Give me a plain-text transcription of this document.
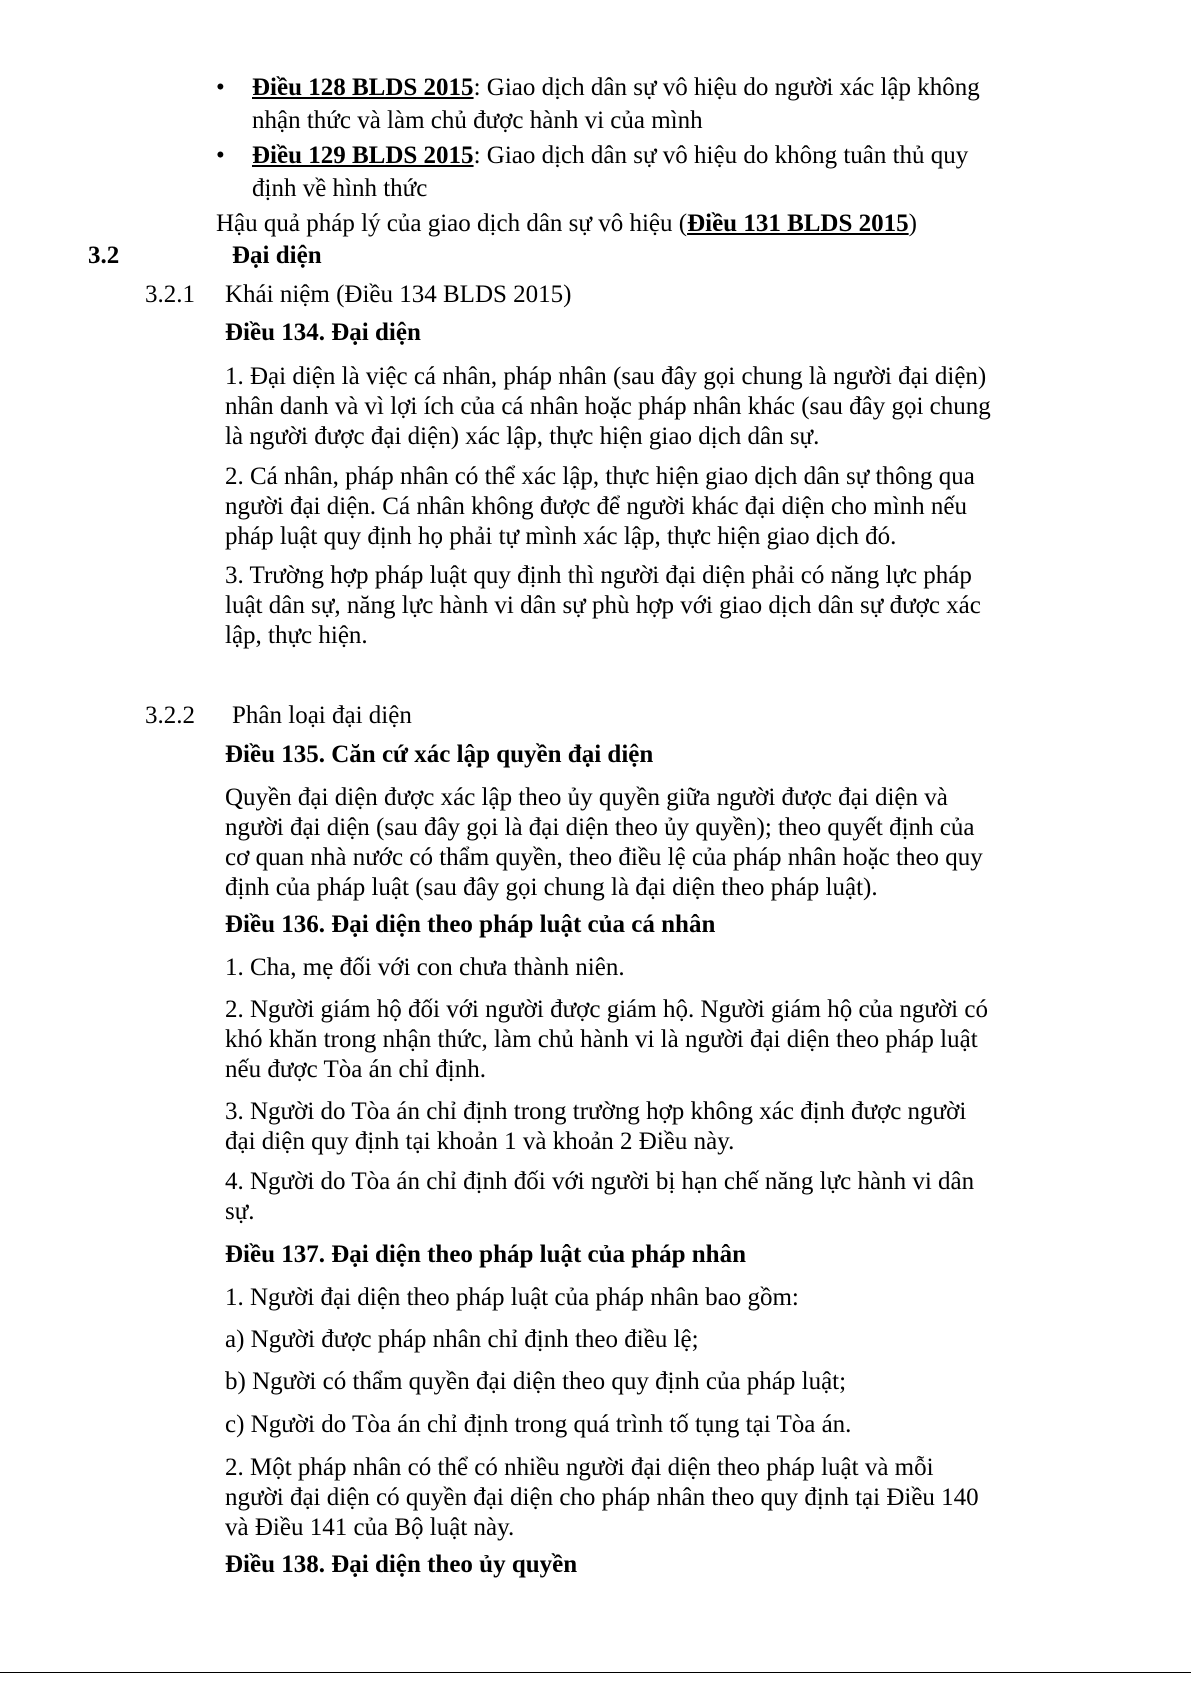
• Điều 128 BLDS 2015: Giao dịch dân sự vô hiệu do người xác lập không
nhận thức và làm chủ được hành vi của mình
• Điều 129 BLDS 2015: Giao dịch dân sự vô hiệu do không tuân thủ quy
định về hình thức
Hậu quả pháp lý của giao dịch dân sự vô hiệu (Điều 131 BLDS 2015)
3.2	Đại diện
3.2.1 Khái niệm (Điều 134 BLDS 2015)
Điều 134. Đại diện
1. Đại diện là việc cá nhân, pháp nhân (sau đây gọi chung là người đại diện)
nhân danh và vì lợi ích của cá nhân hoặc pháp nhân khác (sau đây gọi chung
là người được đại diện) xác lập, thực hiện giao dịch dân sự.
2. Cá nhân, pháp nhân có thể xác lập, thực hiện giao dịch dân sự thông qua
người đại diện. Cá nhân không được để người khác đại diện cho mình nếu
pháp luật quy định họ phải tự mình xác lập, thực hiện giao dịch đó.
3. Trường hợp pháp luật quy định thì người đại diện phải có năng lực pháp
luật dân sự, năng lực hành vi dân sự phù hợp với giao dịch dân sự được xác
lập, thực hiện.
3.2.2 Phân loại đại diện
Điều 135. Căn cứ xác lập quyền đại diện
Quyền đại diện được xác lập theo ủy quyền giữa người được đại diện và
người đại diện (sau đây gọi là đại diện theo ủy quyền); theo quyết định của
cơ quan nhà nước có thẩm quyền, theo điều lệ của pháp nhân hoặc theo quy
định của pháp luật (sau đây gọi chung là đại diện theo pháp luật).
Điều 136. Đại diện theo pháp luật của cá nhân
1. Cha, mẹ đối với con chưa thành niên.
2. Người giám hộ đối với người được giám hộ. Người giám hộ của người có
khó khăn trong nhận thức, làm chủ hành vi là người đại diện theo pháp luật
nếu được Tòa án chỉ định.
3. Người do Tòa án chỉ định trong trường hợp không xác định được người
đại diện quy định tại khoản 1 và khoản 2 Điều này.
4. Người do Tòa án chỉ định đối với người bị hạn chế năng lực hành vi dân
sự.
Điều 137. Đại diện theo pháp luật của pháp nhân
1. Người đại diện theo pháp luật của pháp nhân bao gồm:
a) Người được pháp nhân chỉ định theo điều lệ;
b) Người có thẩm quyền đại diện theo quy định của pháp luật;
c) Người do Tòa án chỉ định trong quá trình tố tụng tại Tòa án.
2. Một pháp nhân có thể có nhiều người đại diện theo pháp luật và mỗi
người đại diện có quyền đại diện cho pháp nhân theo quy định tại Điều 140
và Điều 141 của Bộ luật này.
Điều 138. Đại diện theo ủy quyền
